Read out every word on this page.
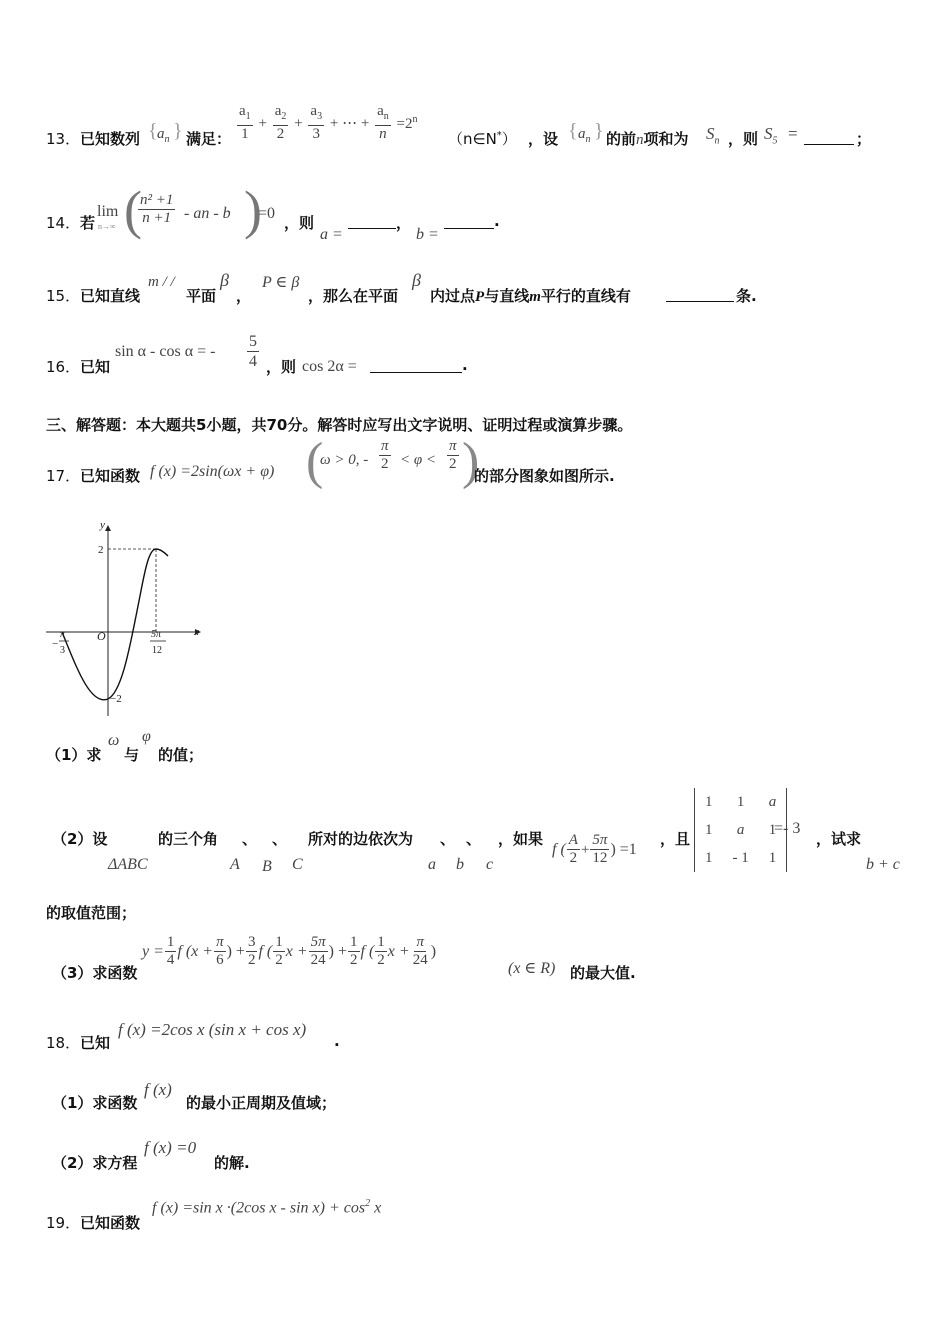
13． 已知数列 { $a_n$ } 满足： $\frac{a_1}{1} + \frac{a_2}{2} + \frac{a_3}{3}$ + ⋯ + $\frac{a_n}{n} =2^n$
（n∈N*） ，设 { $a_n$ } 的前n项和为 $S_n$ ，则 $S_5$ =	；
14． 若
lim
n→∞ (
$\frac{\text{n² +1}}{n +1}$ - an - b )
=0
，则
a =
，
b =
.
15． 已知直线
m / /
平面
β
，
P ∈ β
，那么在平面
β
内过点P与直线m平行的直线有	条.
16． 已知
sin α - cos α = - $\frac{5}{4}$ ，则 cos 2α =	.
三、解答题：本大题共5小题，共70分。解答时应写出文字说明、证明过程或演算步骤。
17． 已知函数 f (x) =2sin(ωx + φ) (
ω > 0, - $\frac{\pi}{2} < \varphi < \frac{\pi}{2}$ )
的部分图象如图所示.
y
x
O
2
−2
−
π
3
5π
12
（1）求
ω
与
φ
的值；
（2）设
ΔABC
的三个角
A
、
B
、
C
所对的边依次为
a
、
b
、
c
，如果
f ( $\frac{A}{2} + \frac{5\pi}{12}$ ) =1
，且
1	1	a
1	a	1
1	- 1	1
=- 3
，试求
b + c
的取值范围；
（3）求函数
$y = \frac{1}{4}$ f ($x + \frac{\pi}{6}$ ) + $\frac{3}{2}$ f ( $\frac{1}{2}$ $x + \frac{5\pi}{24}$ ) + $\frac{1}{2}$ f ( $\frac{1}{2}$ $x + \frac{\pi}{24}$ )
(x ∈ R) 的最大值.
18． 已知
f (x) =2cos x (sin x + cos x)
.
（1）求函数
f (x)
的最小正周期及值域；
（2）求方程
f (x) =0
的解.
19． 已知函数
f (x) =sin x ·(2cos $x - \sin x) + \cos^2 x$
